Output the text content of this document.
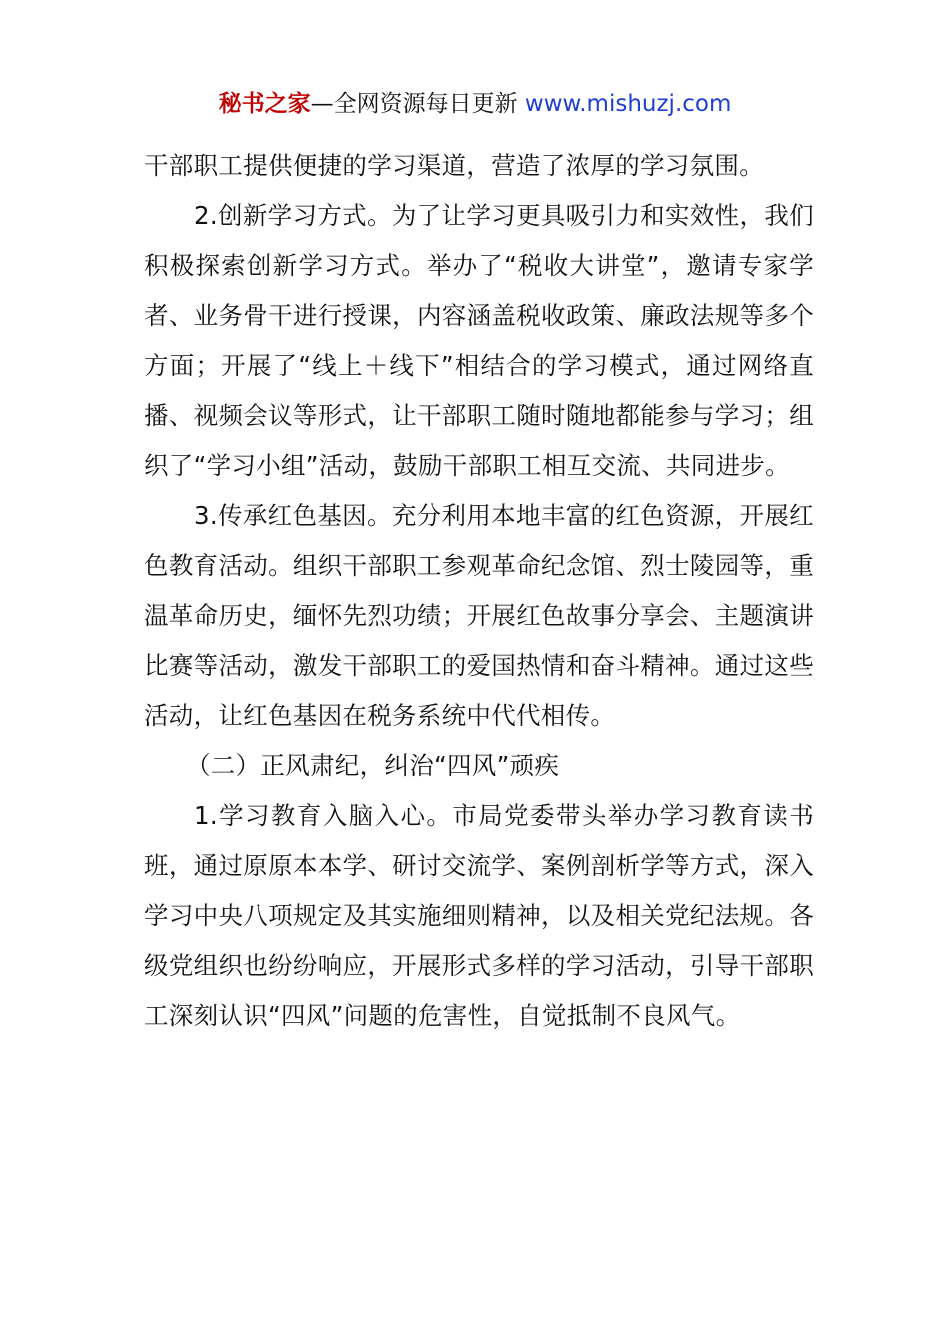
秘书之家—全网资源每日更新 www.mishuzj.com

干部职工提供便捷的学习渠道，营造了浓厚的学习氛围。

2.创新学习方式。为了让学习更具吸引力和实效性，我们积极探索创新学习方式。举办了“税收大讲堂”，邀请专家学者、业务骨干进行授课，内容涵盖税收政策、廉政法规等多个方面；开展了“线上＋线下”相结合的学习模式，通过网络直播、视频会议等形式，让干部职工随时随地都能参与学习；组织了“学习小组”活动，鼓励干部职工相互交流、共同进步。

3.传承红色基因。充分利用本地丰富的红色资源，开展红色教育活动。组织干部职工参观革命纪念馆、烈士陵园等，重温革命历史，缅怀先烈功绩；开展红色故事分享会、主题演讲比赛等活动，激发干部职工的爱国热情和奋斗精神。通过这些活动，让红色基因在税务系统中代代相传。

（二）正风肃纪，纠治“四风”顽疾

1.学习教育入脑入心。市局党委带头举办学习教育读书班，通过原原本本学、研讨交流学、案例剖析学等方式，深入学习中央八项规定及其实施细则精神，以及相关党纪法规。各级党组织也纷纷响应，开展形式多样的学习活动，引导干部职工深刻认识“四风”问题的危害性，自觉抵制不良风气。
